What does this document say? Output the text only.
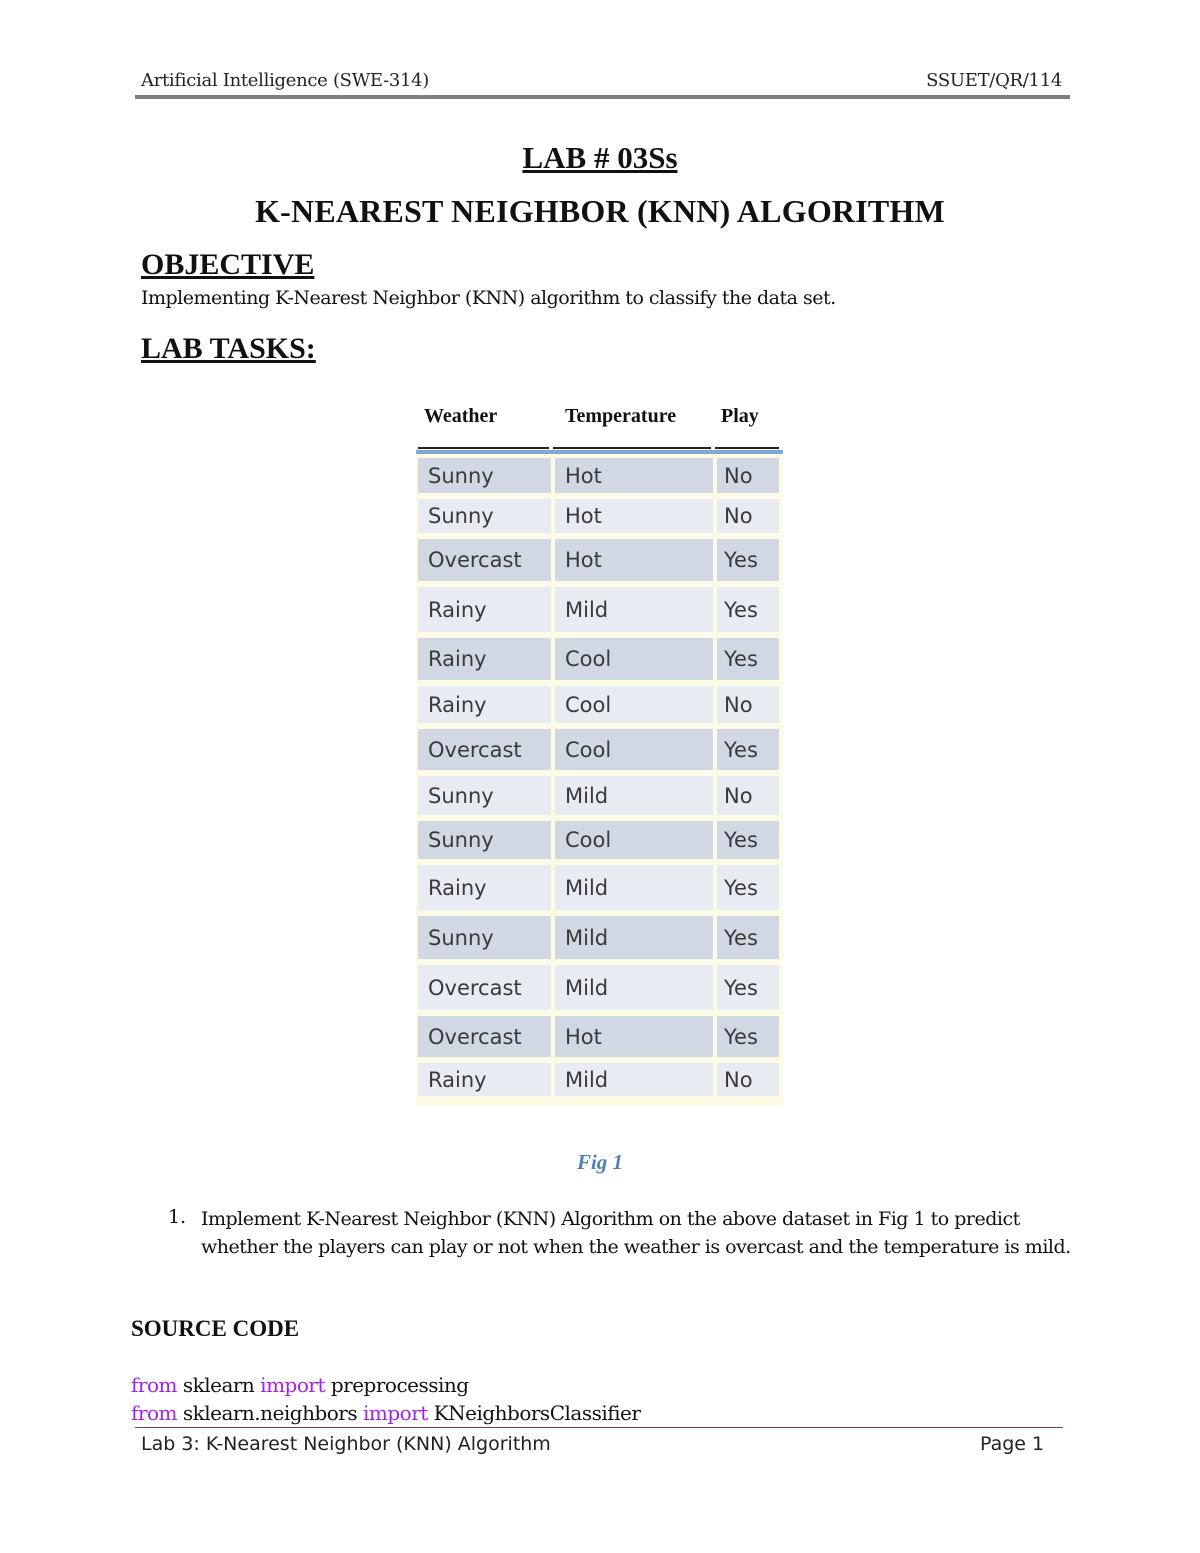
Artificial Intelligence (SWE-314)	SSUET/QR/114
LAB # 03Ss
K-NEAREST NEIGHBOR (KNN) ALGORITHM
OBJECTIVE
Implementing K-Nearest Neighbor (KNN) algorithm to classify the data set.
LAB TASKS:
Weather	Temperature Play
Sunny	Hot	No
Sunny	Hot	No
Overcast	Hot	Yes
Rainy	Mild	Yes
Rainy	Cool	Yes
Rainy	Cool	No
Overcast	Cool	Yes
Sunny	Mild	No
Sunny	Cool	Yes
Rainy	Mild	Yes
Sunny	Mild	Yes
Overcast	Mild	Yes
Overcast	Hot	Yes
Rainy	Mild	No
Fig 1
1. Implement K-Nearest Neighbor (KNN) Algorithm on the above dataset in Fig 1 to predict whether the players can play or not when the weather is overcast and the temperature is mild.
SOURCE CODE
from sklearn import preprocessing
from sklearn.neighbors import KNeighborsClassifier
Lab 3: K-Nearest Neighbor (KNN) Algorithm	Page 1
